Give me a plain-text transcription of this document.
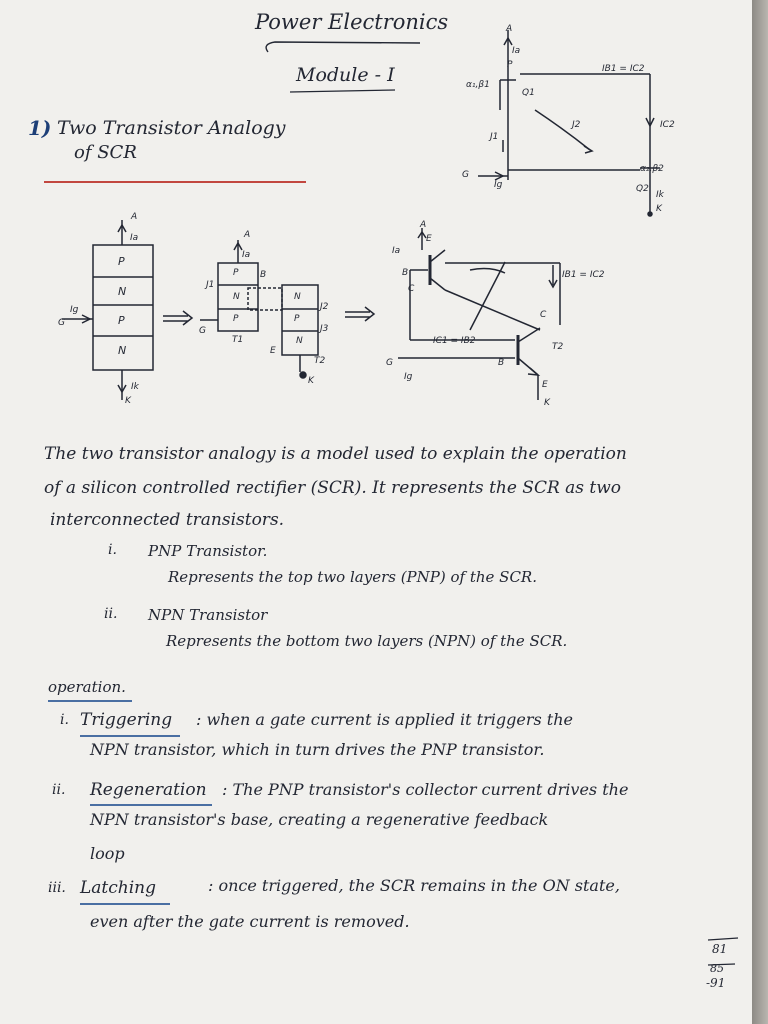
Power Electronics
Module - I
1) Two Transistor Analogy
of SCR
A
Ia
P
α₁,β1
Q1
IB1 = IC2
IC2
J2
J1
G
Ig
α₂,β2
Q2
Ik
K
A
Ia
P
N
P
N
Ig
G
Ik
K
A
Ia
P
N
P
B
J1
T1
G
N
P
N
J2
J3
E
T2
K
A
E
Ia
B
C
IB1 = IC2
IC1 = IB2
C
T2
B
G
Ig
E
K
The two transistor analogy is a model used to explain the operation
of a silicon controlled rectifier (SCR). It represents the SCR as two
interconnected transistors.
i. PNP Transistor.
Represents the top two layers (PNP) of the SCR.
ii. NPN Transistor
Represents the bottom two layers (NPN) of the SCR.
operation.
i. Triggering : when a gate current is applied it triggers the
NPN transistor, which in turn drives the PNP transistor.
ii. Regeneration : The PNP transistor's collector current drives the
NPN transistor's base, creating a regenerative feedback
loop
iii. Latching	: once triggered, the SCR remains in the ON state,
even after the gate current is removed.
81
85
-91
